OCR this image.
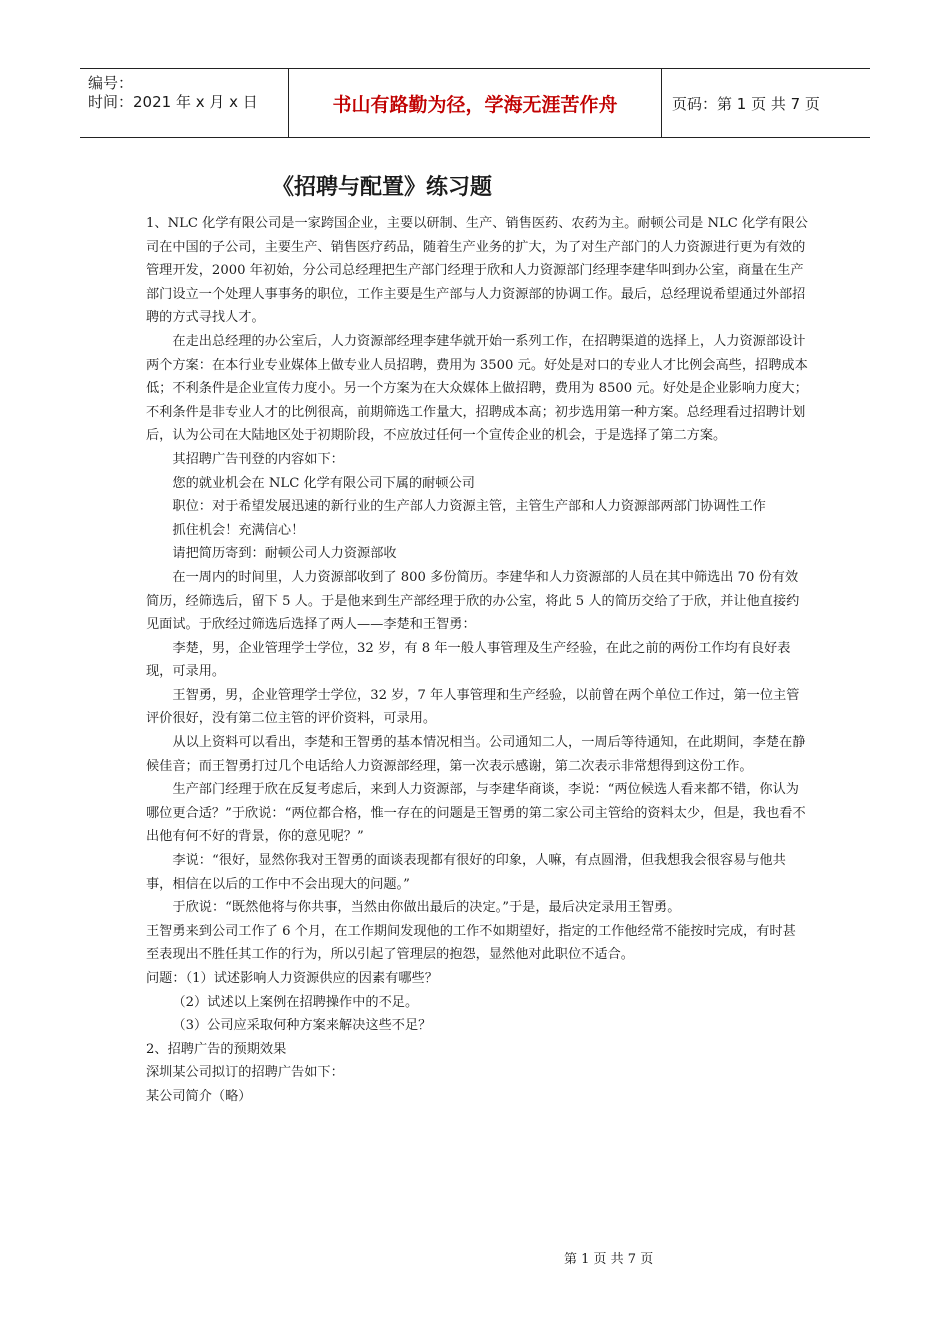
编号：
时间：2021 年 x 月 x 日	书山有路勤为径，学海无涯苦作舟	页码：第 1 页 共 7 页
《招聘与配置》练习题

1、NLC 化学有限公司是一家跨国企业，主要以研制、生产、销售医药、农药为主。耐顿公司是 NLC 化学有限公司在中国的子公司，主要生产、销售医疗药品，随着生产业务的扩大，为了对生产部门的人力资源进行更为有效的管理开发，2000 年初始，分公司总经理把生产部门经理于欣和人力资源部门经理李建华叫到办公室，商量在生产部门设立一个处理人事事务的职位，工作主要是生产部与人力资源部的协调工作。最后，总经理说希望通过外部招聘的方式寻找人才。

在走出总经理的办公室后，人力资源部经理李建华就开始一系列工作，在招聘渠道的选择上，人力资源部设计两个方案：在本行业专业媒体上做专业人员招聘，费用为 3500 元。好处是对口的专业人才比例会高些，招聘成本低；不利条件是企业宣传力度小。另一个方案为在大众媒体上做招聘，费用为 8500 元。好处是企业影响力度大；不利条件是非专业人才的比例很高，前期筛选工作量大，招聘成本高；初步选用第一种方案。总经理看过招聘计划后，认为公司在大陆地区处于初期阶段，不应放过任何一个宣传企业的机会，于是选择了第二方案。

其招聘广告刊登的内容如下：

您的就业机会在 NLC 化学有限公司下属的耐顿公司

职位：对于希望发展迅速的新行业的生产部人力资源主管，主管生产部和人力资源部两部门协调性工作

抓住机会！充满信心！

请把简历寄到：耐顿公司人力资源部收

在一周内的时间里，人力资源部收到了 800 多份简历。李建华和人力资源部的人员在其中筛选出 70 份有效简历，经筛选后，留下 5 人。于是他来到生产部经理于欣的办公室，将此 5 人的简历交给了于欣，并让他直接约见面试。于欣经过筛选后选择了两人——李楚和王智勇：

李楚，男，企业管理学士学位，32 岁，有 8 年一般人事管理及生产经验，在此之前的两份工作均有良好表现，可录用。

王智勇，男，企业管理学士学位，32 岁，7 年人事管理和生产经验，以前曾在两个单位工作过，第一位主管评价很好，没有第二位主管的评价资料，可录用。

从以上资料可以看出，李楚和王智勇的基本情况相当。公司通知二人，一周后等待通知，在此期间，李楚在静候佳音；而王智勇打过几个电话给人力资源部经理，第一次表示感谢，第二次表示非常想得到这份工作。

生产部门经理于欣在反复考虑后，来到人力资源部，与李建华商谈，李说：“两位候选人看来都不错，你认为哪位更合适？”于欣说：“两位都合格，惟一存在的问题是王智勇的第二家公司主管给的资料太少，但是，我也看不出他有何不好的背景，你的意见呢？”

李说：“很好，显然你我对王智勇的面谈表现都有很好的印象，人嘛，有点圆滑，但我想我会很容易与他共事，相信在以后的工作中不会出现大的问题。”

于欣说：“既然他将与你共事，当然由你做出最后的决定。”于是，最后决定录用王智勇。

王智勇来到公司工作了 6 个月，在工作期间发现他的工作不如期望好，指定的工作他经常不能按时完成，有时甚至表现出不胜任其工作的行为，所以引起了管理层的抱怨，显然他对此职位不适合。

问题：（1）试述影响人力资源供应的因素有哪些？

（2）试述以上案例在招聘操作中的不足。

（3）公司应采取何种方案来解决这些不足？

2、招聘广告的预期效果

深圳某公司拟订的招聘广告如下：

某公司简介（略）

第 1 页 共 7 页
